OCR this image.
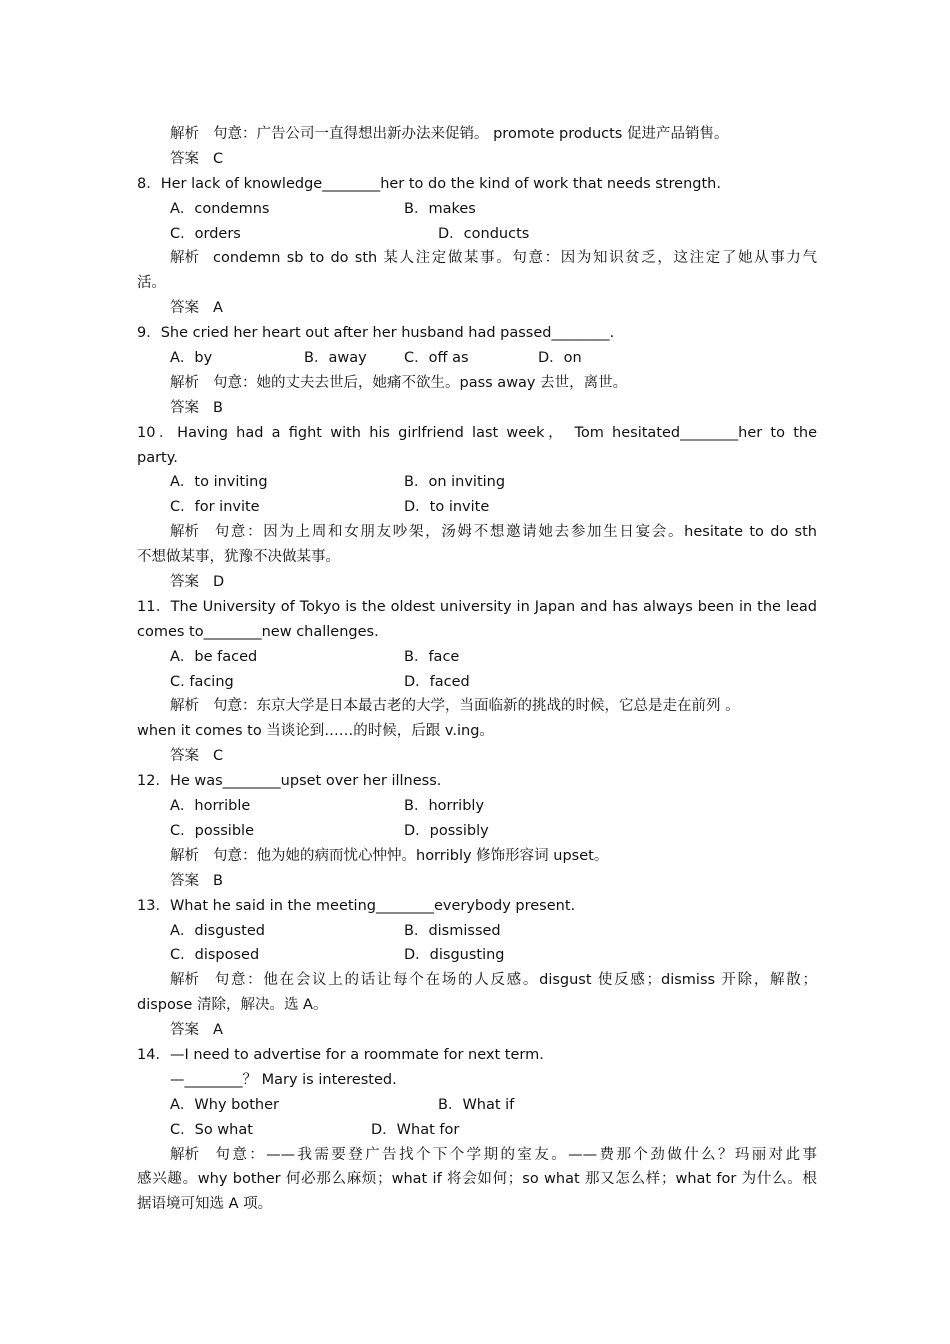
解析 句意：广告公司一直得想出新办法来促销。 promote products 促进产品销售。
答案 C
8．Her lack of knowledge________her to do the kind of work that needs strength.
A．condemns	B．makes
C．orders	D．conducts
解析 condemn sb to do sth 某人注定做某事。句意：因为知识贫乏，这注定了她从事力气
活。
答案 A
9．She cried her heart out after her husband had passed________.
A．by	B．away	C．off as	D．on
解析 句意：她的丈夫去世后，她痛不欲生。pass away 去世，离世。
答案 B
10．Having had a fight with his girlfriend last week， Tom hesitated________her to the
party.
A．to inviting	B．on inviting
C．for invite	D．to invite
解析 句意：因为上周和女朋友吵架，汤姆不想邀请她去参加生日宴会。hesitate to do sth
不想做某事，犹豫不决做某事。
答案 D
11．The University of Tokyo is the oldest university in Japan and has always been in the lead
comes to________new challenges.
A．be faced	B．face
C. facing	D．faced
解析 句意：东京大学是日本最古老的大学，当面临新的挑战的时候，它总是走在前列 。
when it comes to 当谈论到……的时候，后跟 v.ing。
答案 C
12．He was________upset over her illness.
A．horrible	B．horribly
C．possible	D．possibly
解析 句意：他为她的病而忧心忡忡。horribly 修饰形容词 upset。
答案 B
13．What he said in the meeting________everybody present.
A．disgusted	B．dismissed
C．disposed	D．disgusting
解析 句意：他在会议上的话让每个在场的人反感。disgust 使反感；dismiss 开除，解散；
dispose 清除，解决。选 A。
答案 A
14．—I need to advertise for a roommate for next term.
—________？ Mary is interested.
A．Why bother	B．What if
C．So what	D．What for
解析 句意：——我需要登广告找个下个学期的室友。——费那个劲做什么？玛丽对此事
感兴趣。why bother 何必那么麻烦；what if 将会如何；so what 那又怎么样；what for 为什么。根
据语境可知选 A 项。
